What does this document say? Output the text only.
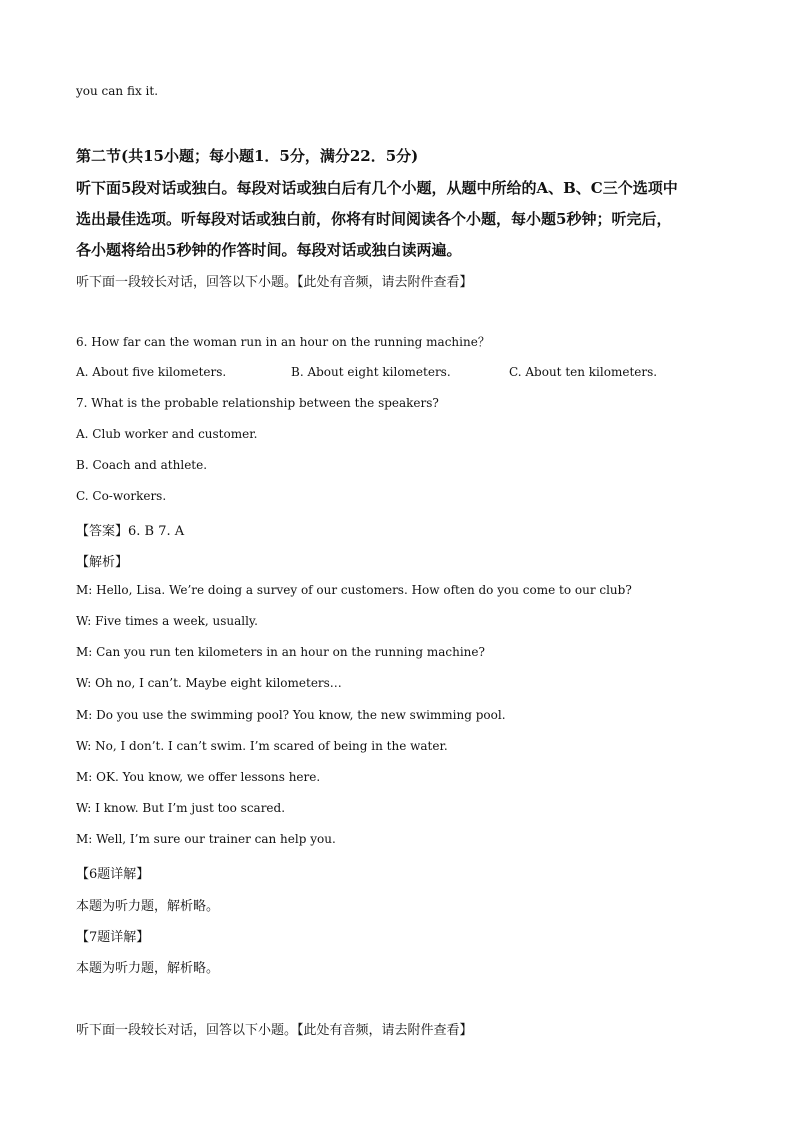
you can fix it.
第二节(共15小题；每小题1．5分，满分22．5分)
听下面5段对话或独白。每段对话或独白后有几个小题，从题中所给的A、B、C三个选项中
选出最佳选项。听每段对话或独白前，你将有时间阅读各个小题，每小题5秒钟；听完后，
各小题将给出5秒钟的作答时间。每段对话或独白读两遍。
听下面一段较长对话，回答以下小题。【此处有音频，请去附件查看】
6. How far can the woman run in an hour on the running machine？
A. About five kilometers.	B. About eight kilometers.	C. About ten kilometers.
7. What is the probable relationship between the speakers?
A. Club worker and customer.
B. Coach and athlete.
C. Co-workers.
【答案】6. B 7. A
【解析】
M: Hello, Lisa. We’re doing a survey of our customers. How often do you come to our club?
W: Five times a week, usually.
M: Can you run ten kilometers in an hour on the running machine?
W: Oh no, I can’t. Maybe eight kilometers…
M: Do you use the swimming pool? You know, the new swimming pool.
W: No, I don’t. I can’t swim. I’m scared of being in the water.
M: OK. You know, we offer lessons here.
W: I know. But I’m just too scared.
M: Well, I’m sure our trainer can help you.
【6题详解】
本题为听力题，解析略。
【7题详解】
本题为听力题，解析略。
听下面一段较长对话，回答以下小题。【此处有音频，请去附件查看】
